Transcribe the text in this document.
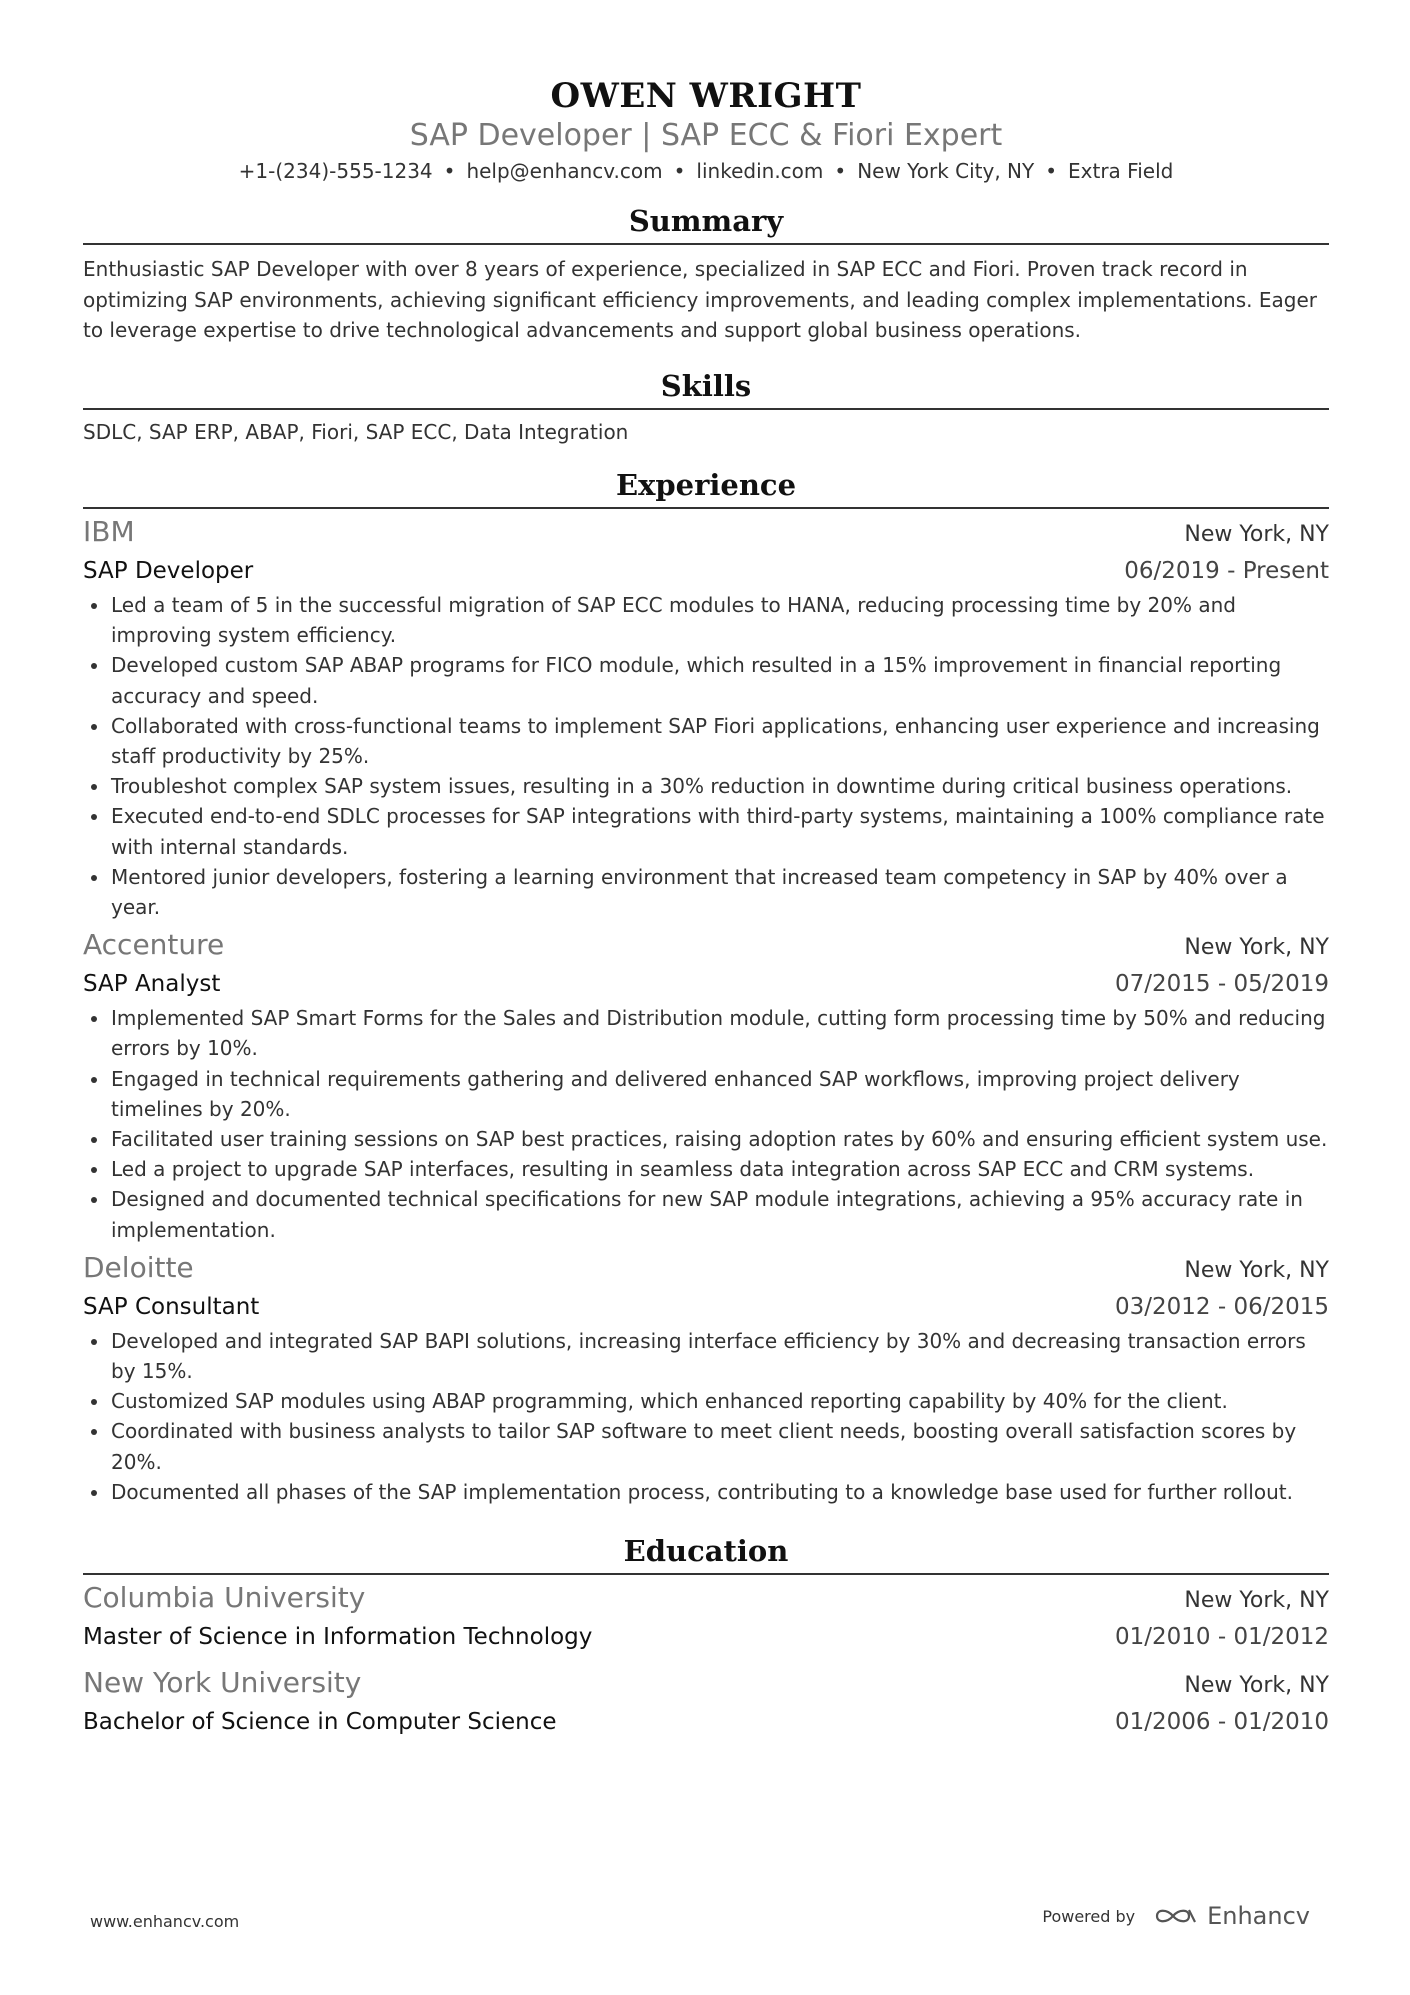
OWEN WRIGHT
SAP Developer | SAP ECC & Fiori Expert
+1-(234)-555-1234 • help@enhancv.com • linkedin.com • New York City, NY • Extra Field
Summary
Enthusiastic SAP Developer with over 8 years of experience, specialized in SAP ECC and Fiori. Proven track record in optimizing SAP environments, achieving significant efficiency improvements, and leading complex implementations. Eager to leverage expertise to drive technological advancements and support global business operations.
Skills
SDLC, SAP ERP, ABAP, Fiori, SAP ECC, Data Integration
Experience
IBM	New York, NY
SAP Developer	06/2019 - Present
Led a team of 5 in the successful migration of SAP ECC modules to HANA, reducing processing time by 20% and improving system efficiency.
Developed custom SAP ABAP programs for FICO module, which resulted in a 15% improvement in financial reporting accuracy and speed.
Collaborated with cross-functional teams to implement SAP Fiori applications, enhancing user experience and increasing staff productivity by 25%.
Troubleshot complex SAP system issues, resulting in a 30% reduction in downtime during critical business operations.
Executed end-to-end SDLC processes for SAP integrations with third-party systems, maintaining a 100% compliance rate with internal standards.
Mentored junior developers, fostering a learning environment that increased team competency in SAP by 40% over a year.
Accenture	New York, NY
SAP Analyst	07/2015 - 05/2019
Implemented SAP Smart Forms for the Sales and Distribution module, cutting form processing time by 50% and reducing errors by 10%.
Engaged in technical requirements gathering and delivered enhanced SAP workflows, improving project delivery timelines by 20%.
Facilitated user training sessions on SAP best practices, raising adoption rates by 60% and ensuring efficient system use.
Led a project to upgrade SAP interfaces, resulting in seamless data integration across SAP ECC and CRM systems.
Designed and documented technical specifications for new SAP module integrations, achieving a 95% accuracy rate in implementation.
Deloitte	New York, NY
SAP Consultant	03/2012 - 06/2015
Developed and integrated SAP BAPI solutions, increasing interface efficiency by 30% and decreasing transaction errors by 15%.
Customized SAP modules using ABAP programming, which enhanced reporting capability by 40% for the client.
Coordinated with business analysts to tailor SAP software to meet client needs, boosting overall satisfaction scores by 20%.
Documented all phases of the SAP implementation process, contributing to a knowledge base used for further rollout.
Education
Columbia University	New York, NY
Master of Science in Information Technology	01/2010 - 01/2012
New York University	New York, NY
Bachelor of Science in Computer Science	01/2006 - 01/2010
www.enhancv.com	Powered by	Enhancv
